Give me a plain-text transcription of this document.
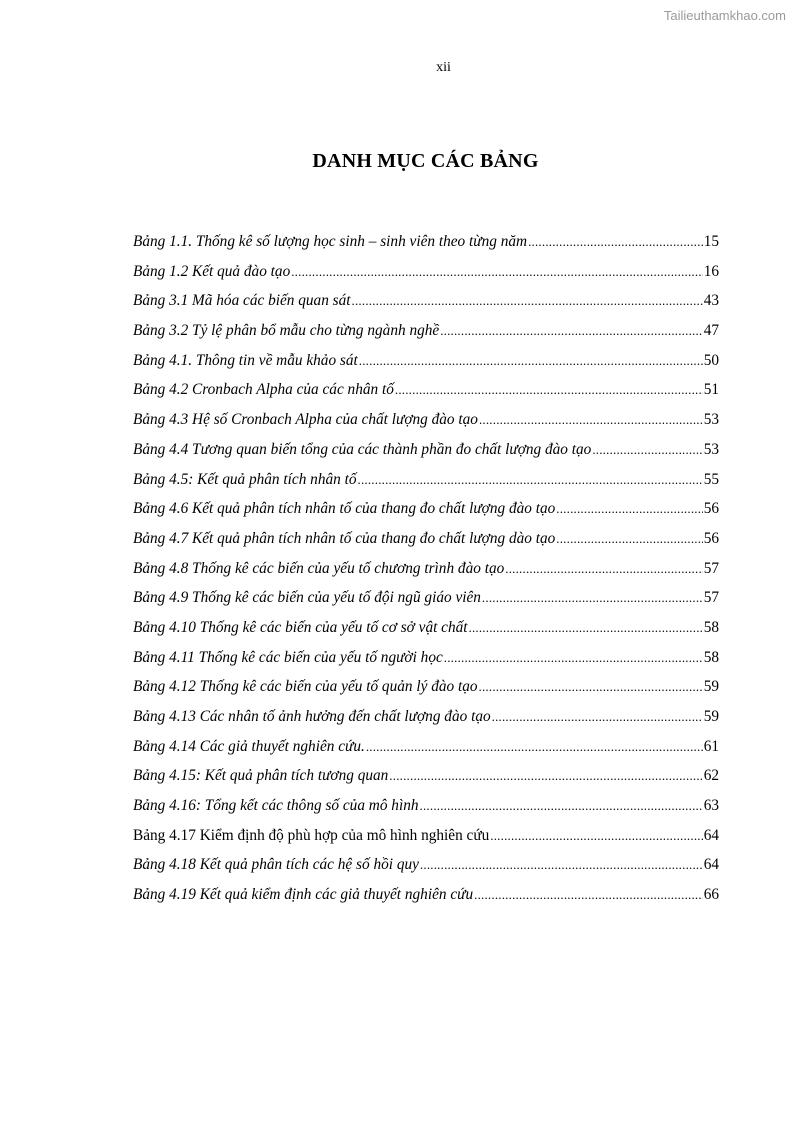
Tailieuthamkhao.com
xii
DANH MỤC CÁC BẢNG
Bảng 1.1. Thống kê số lượng học sinh – sinh viên theo từng năm .....	15
Bảng 1.2 Kết quả đào tạo .....	16
Bảng 3.1 Mã hóa các biến quan sát .....	43
Bảng 3.2 Tỷ lệ phân bổ mẫu cho từng ngành nghề .....	47
Bảng 4.1. Thông tin về mẫu khảo sát .....	50
Bảng 4.2 Cronbach Alpha của các nhân tố .....	51
Bảng 4.3 Hệ số Cronbach Alpha của chất lượng đào tạo .....	53
Bảng 4.4 Tương quan biến tổng của các thành phần đo chất lượng đào tạo .....	53
Bảng 4.5: Kết quả phân tích nhân tố .....	55
Bảng 4.6 Kết quả phân tích nhân tố của thang đo chất lượng đào tạo .....	56
Bảng 4.7 Kết quả phân tích nhân tố của thang đo chất lượng dào tạo .....	56
Bảng 4.8 Thống kê các biến của yếu tố chương trình đào tạo .....	57
Bảng 4.9 Thống kê các biến của yếu tố đội ngũ giáo viên .....	57
Bảng 4.10 Thống kê các biến của yếu tố cơ sở vật chất .....	58
Bảng 4.11 Thống kê các biến của yếu tố người học .....	58
Bảng 4.12 Thống kê các biến của yếu tố quản lý đào tạo .....	59
Bảng 4.13 Các nhân tố ảnh hưởng đến chất lượng đào tạo .....	59
Bảng 4.14 Các giả thuyết nghiên cứu. .....	61
Bảng 4.15: Kết quả phân tích tương quan .....	62
Bảng 4.16: Tổng kết các thông số của mô hình .....	63
Bảng 4.17 Kiểm định độ phù hợp của mô hình nghiên cứu .....	64
Bảng 4.18 Kết quả phân tích các hệ số hồi quy .....	64
Bảng 4.19 Kết quả kiểm định các giả thuyết nghiên cứu .....	66
